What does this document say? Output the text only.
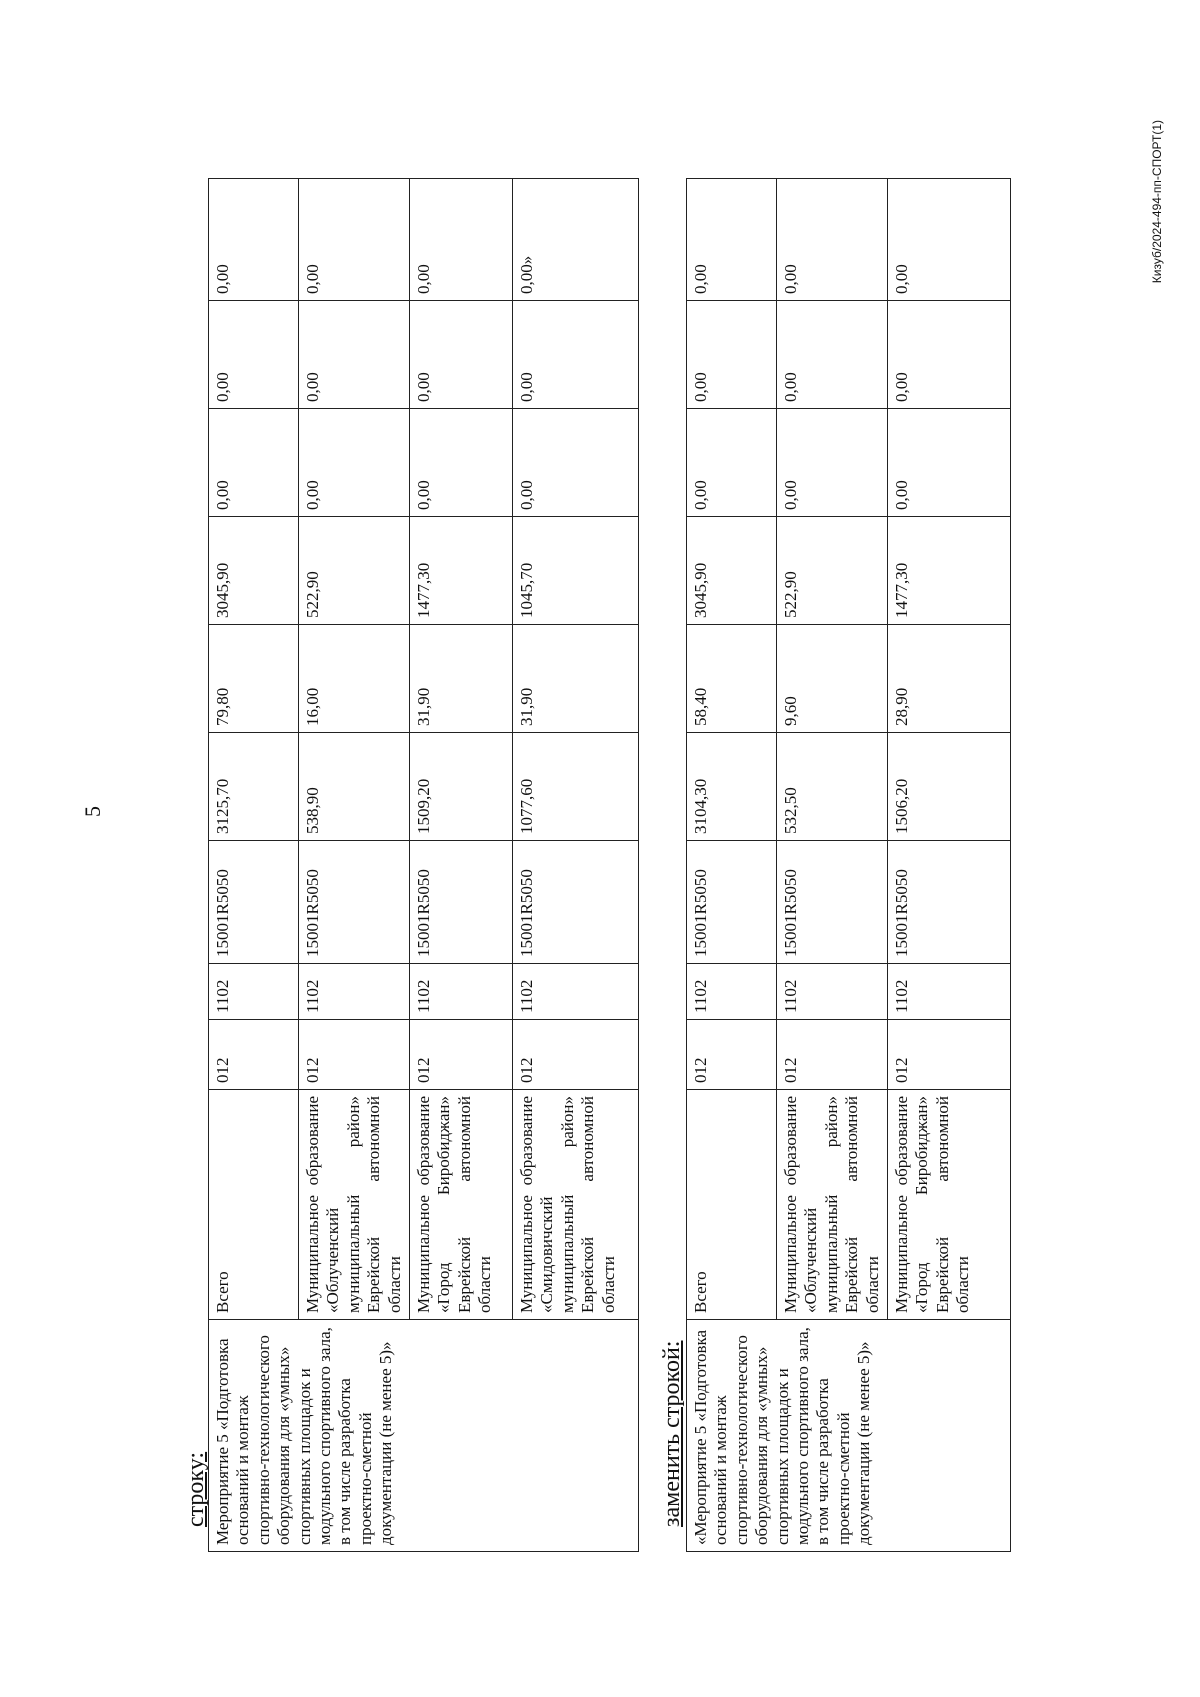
5
строку: Мероприятие 5 «Подготовка оснований и монтаж спортивно-технологического оборудования для «умных» спортивных площадок и модульного спортивного зала, в том числе разработка проектно-сметной документации (не менее 5)»	Всего	012	1102	15001R5050	3125,70	79,80	3045,90	0,00	0,00	0,00
	Муниципальное образование «Облученский муниципальный район» Еврейской автономной области	012	1102	15001R5050	538,90	16,00	522,90	0,00	0,00	0,00
	Муниципальное образование «Город Биробиджан» Еврейской автономной области	012	1102	15001R5050	1509,20	31,90	1477,30	0,00	0,00	0,00
	Муниципальное образование «Смидовичский муниципальный район» Еврейской автономной области	012	1102	15001R5050	1077,60	31,90	1045,70	0,00	0,00	0,00»
заменить строкой: «Мероприятие 5 «Подготовка оснований и монтаж спортивно-технологического оборудования для «умных» спортивных площадок и модульного спортивного зала, в том числе разработка проектно-сметной документации (не менее 5)»	Всего	012	1102	15001R5050	3104,30	58,40	3045,90	0,00	0,00	0,00
	Муниципальное образование «Облученский муниципальный район» Еврейской автономной области	012	1102	15001R5050	532,50	9,60	522,90	0,00	0,00	0,00
	Муниципальное образование «Город Биробиджан» Еврейской автономной области	012	1102	15001R5050	1506,20	28,90	1477,30	0,00	0,00	0,00	Кизуб/2024-494-пп-СПОРТ(1)
